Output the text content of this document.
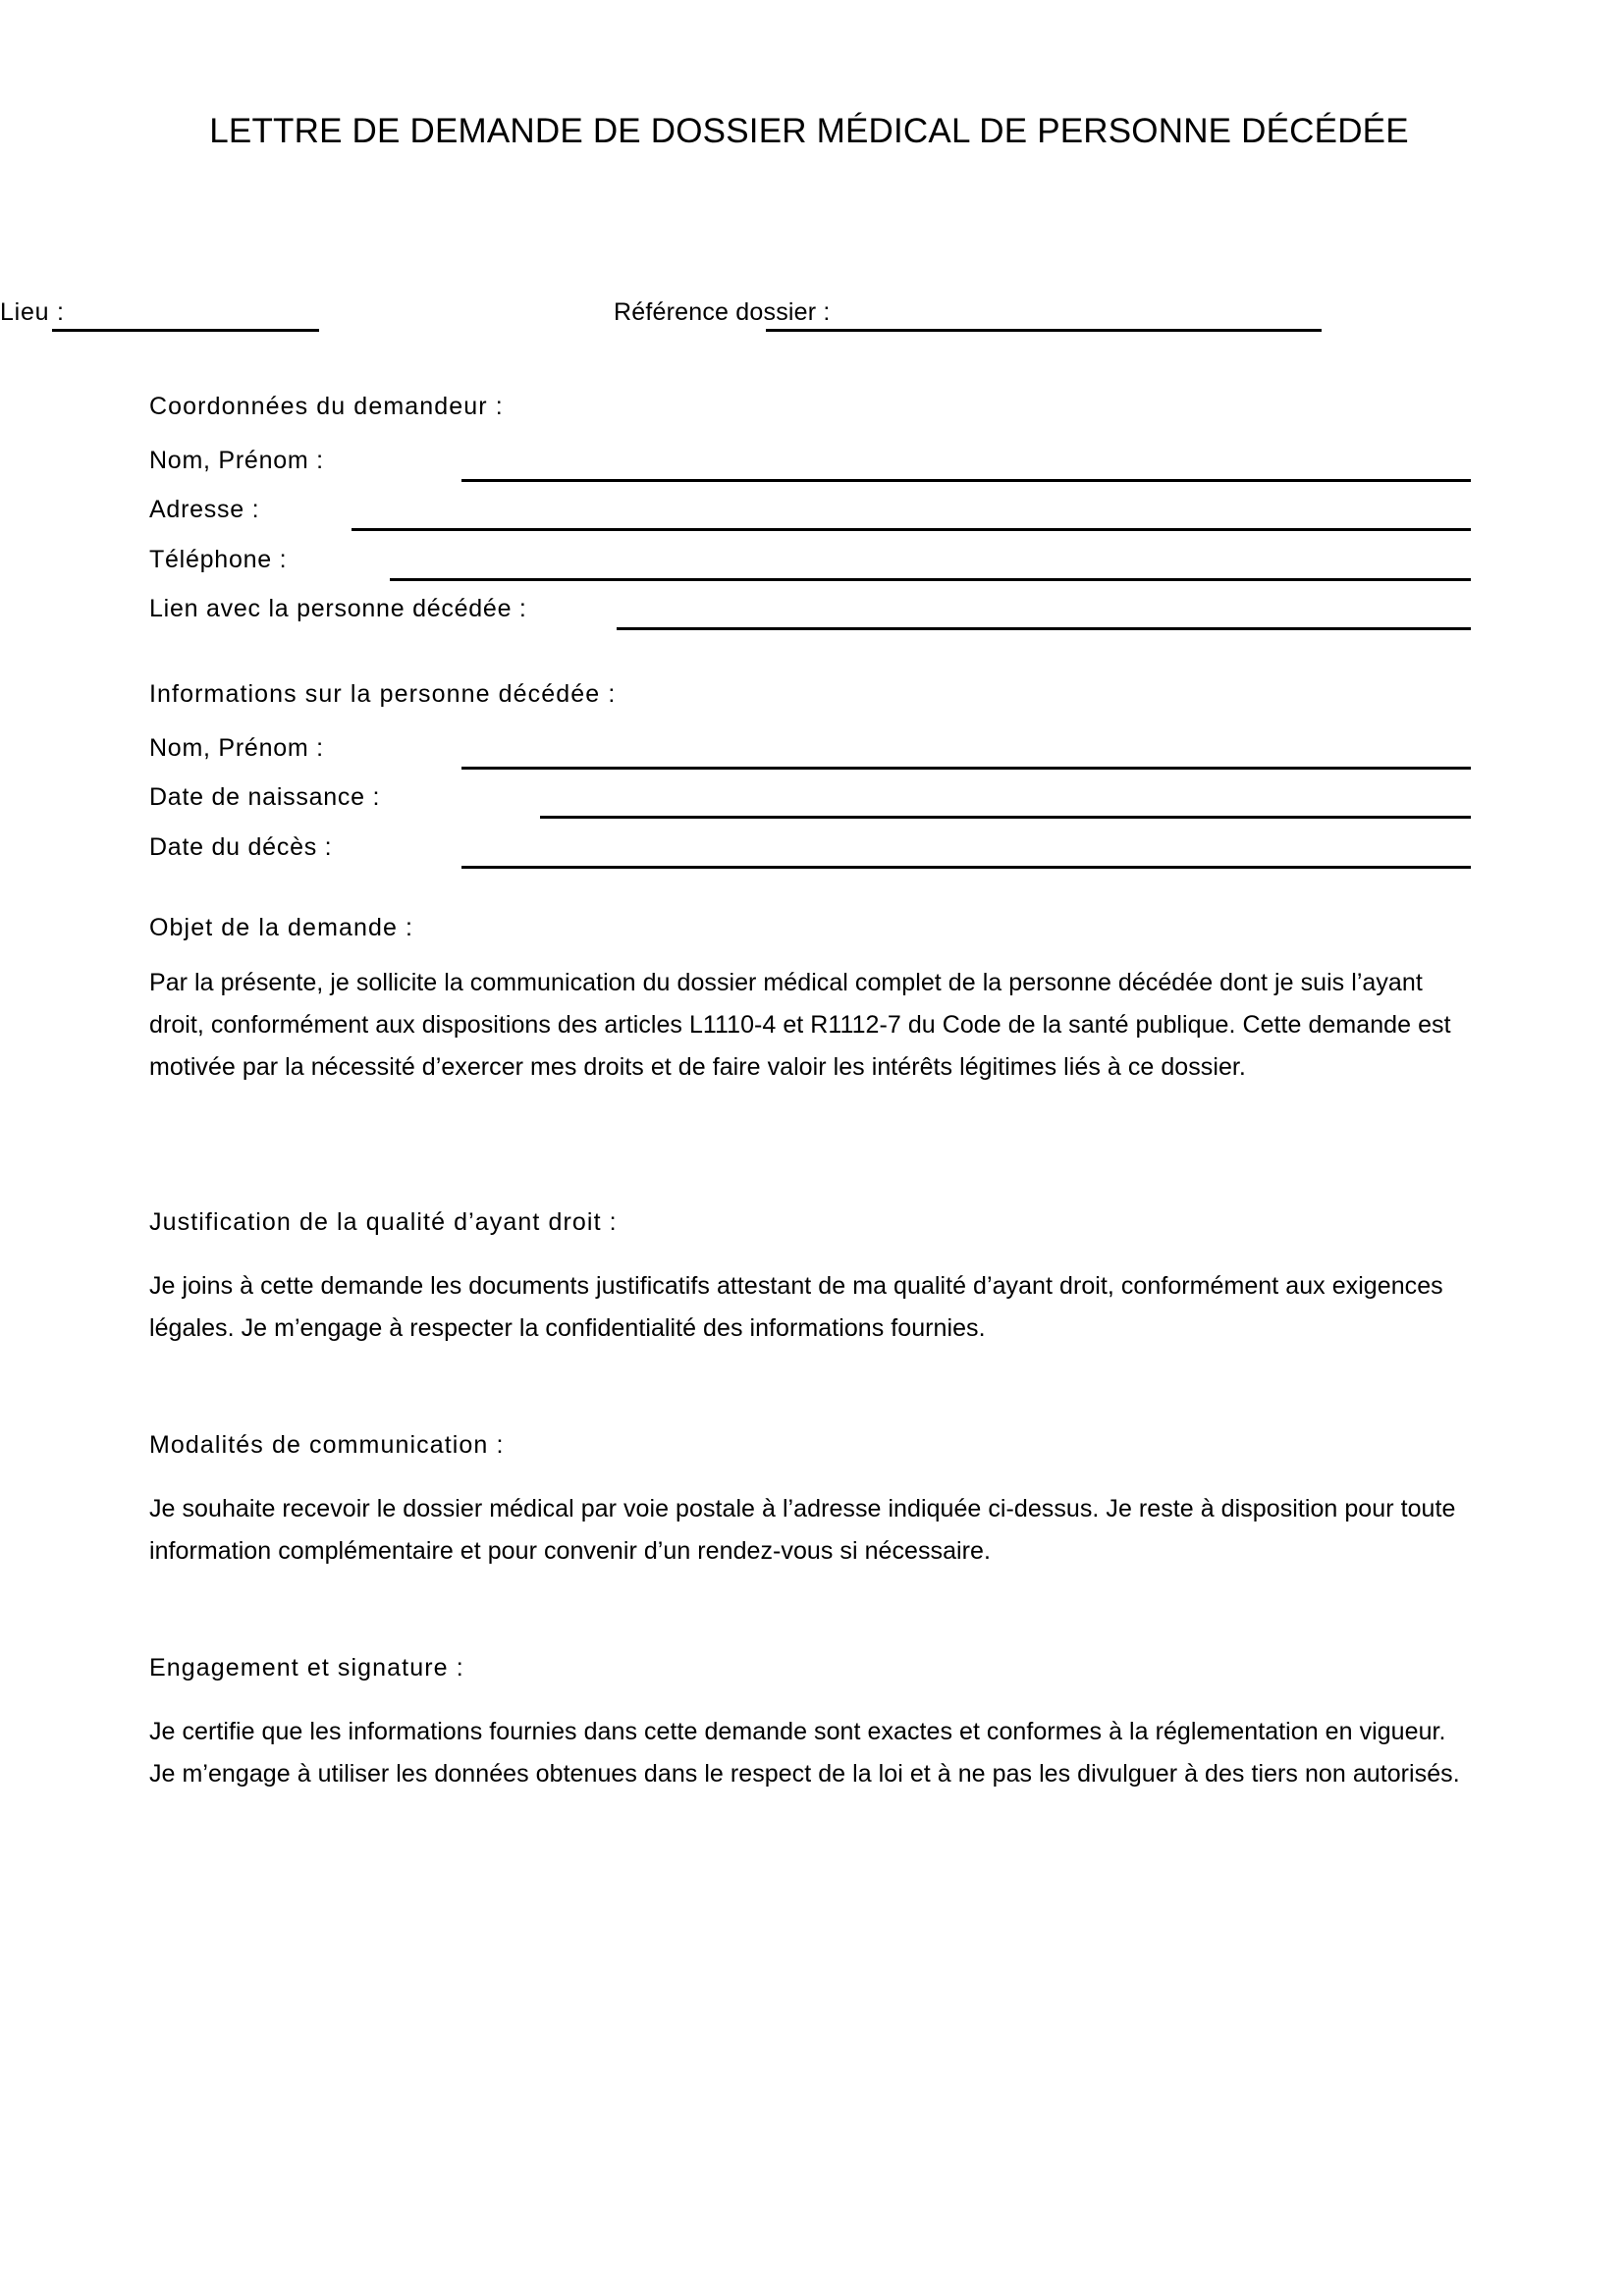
LETTRE DE DEMANDE DE DOSSIER MÉDICAL DE PERSONNE DÉCÉDÉE
Lieu :	Référence dossier :
Coordonnées du demandeur :
Nom, Prénom :
Adresse :
Téléphone :
Lien avec la personne décédée :
Informations sur la personne décédée :
Nom, Prénom :
Date de naissance :
Date du décès :
Objet de la demande :
Par la présente, je sollicite la communication du dossier médical complet de la personne décédée dont je suis l’ayant droit, conformément aux dispositions des articles L1110-4 et R1112-7 du Code de la santé publique. Cette demande est motivée par la nécessité d’exercer mes droits et de faire valoir les intérêts légitimes liés à ce dossier.
Justification de la qualité d’ayant droit :
Je joins à cette demande les documents justificatifs attestant de ma qualité d’ayant droit, conformément aux exigences légales. Je m’engage à respecter la confidentialité des informations fournies.
Modalités de communication :
Je souhaite recevoir le dossier médical par voie postale à l’adresse indiquée ci-dessus. Je reste à disposition pour toute information complémentaire et pour convenir d’un rendez-vous si nécessaire.
Engagement et signature :
Je certifie que les informations fournies dans cette demande sont exactes et conformes à la réglementation en vigueur. Je m’engage à utiliser les données obtenues dans le respect de la loi et à ne pas les divulguer à des tiers non autorisés.
